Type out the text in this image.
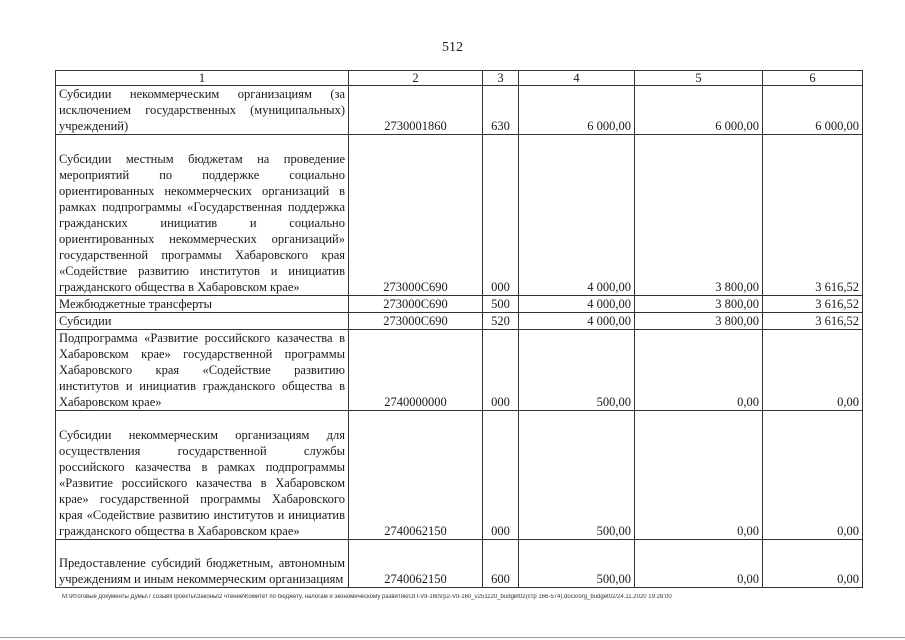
512
1	2	3	4	5	6
Субсидии некоммерческим организациям (за исключением государственных (муниципальных) учреждений)	2730001860	630	6 000,00	6 000,00	6 000,00
Субсидии местным бюджетам на проведение мероприятий по поддержке социально ориентированных некоммерческих организаций в рамках подпрограммы «Государственная поддержка гражданских инициатив и социально ориентированных некоммерческих организаций» государственной программы Хабаровского края «Содействие развитию институтов и инициатив гражданского общества в Хабаровском крае»	273000С690	000	4 000,00	3 800,00	3 616,52
Межбюджетные трансферты	273000С690	500	4 000,00	3 800,00	3 616,52
Субсидии	273000С690	520	4 000,00	3 800,00	3 616,52
Подпрограмма «Развитие российского казачества в Хабаровском крае» государственной программы Хабаровского края «Содействие развитию институтов и инициатив гражданского общества в Хабаровском крае»	2740000000	000	500,00	0,00	0,00
Субсидии некоммерческим организациям для осуществления государственной службы российского казачества в рамках подпрограммы «Развитие российского казачества в Хабаровском крае» государственной программы Хабаровского края «Содействие развитию институтов и инициатив гражданского общества в Хабаровском крае»	2740062150	000	500,00	0,00	0,00
Предоставление субсидий бюджетным, автономным учреждениям и иным некоммерческим организациям	2740062150	600	500,00	0,00	0,00
M:\Итоговые документы Думы\7 созыв\Проекты\Законы\2 чтение\Комитет по бюджету, налогам и экономическому развитию\ЗП-VII-160\гр2-VII-160_v251120_budget02(стр 166-574).docx/org_budget02/24.11.2020 19:28:00
